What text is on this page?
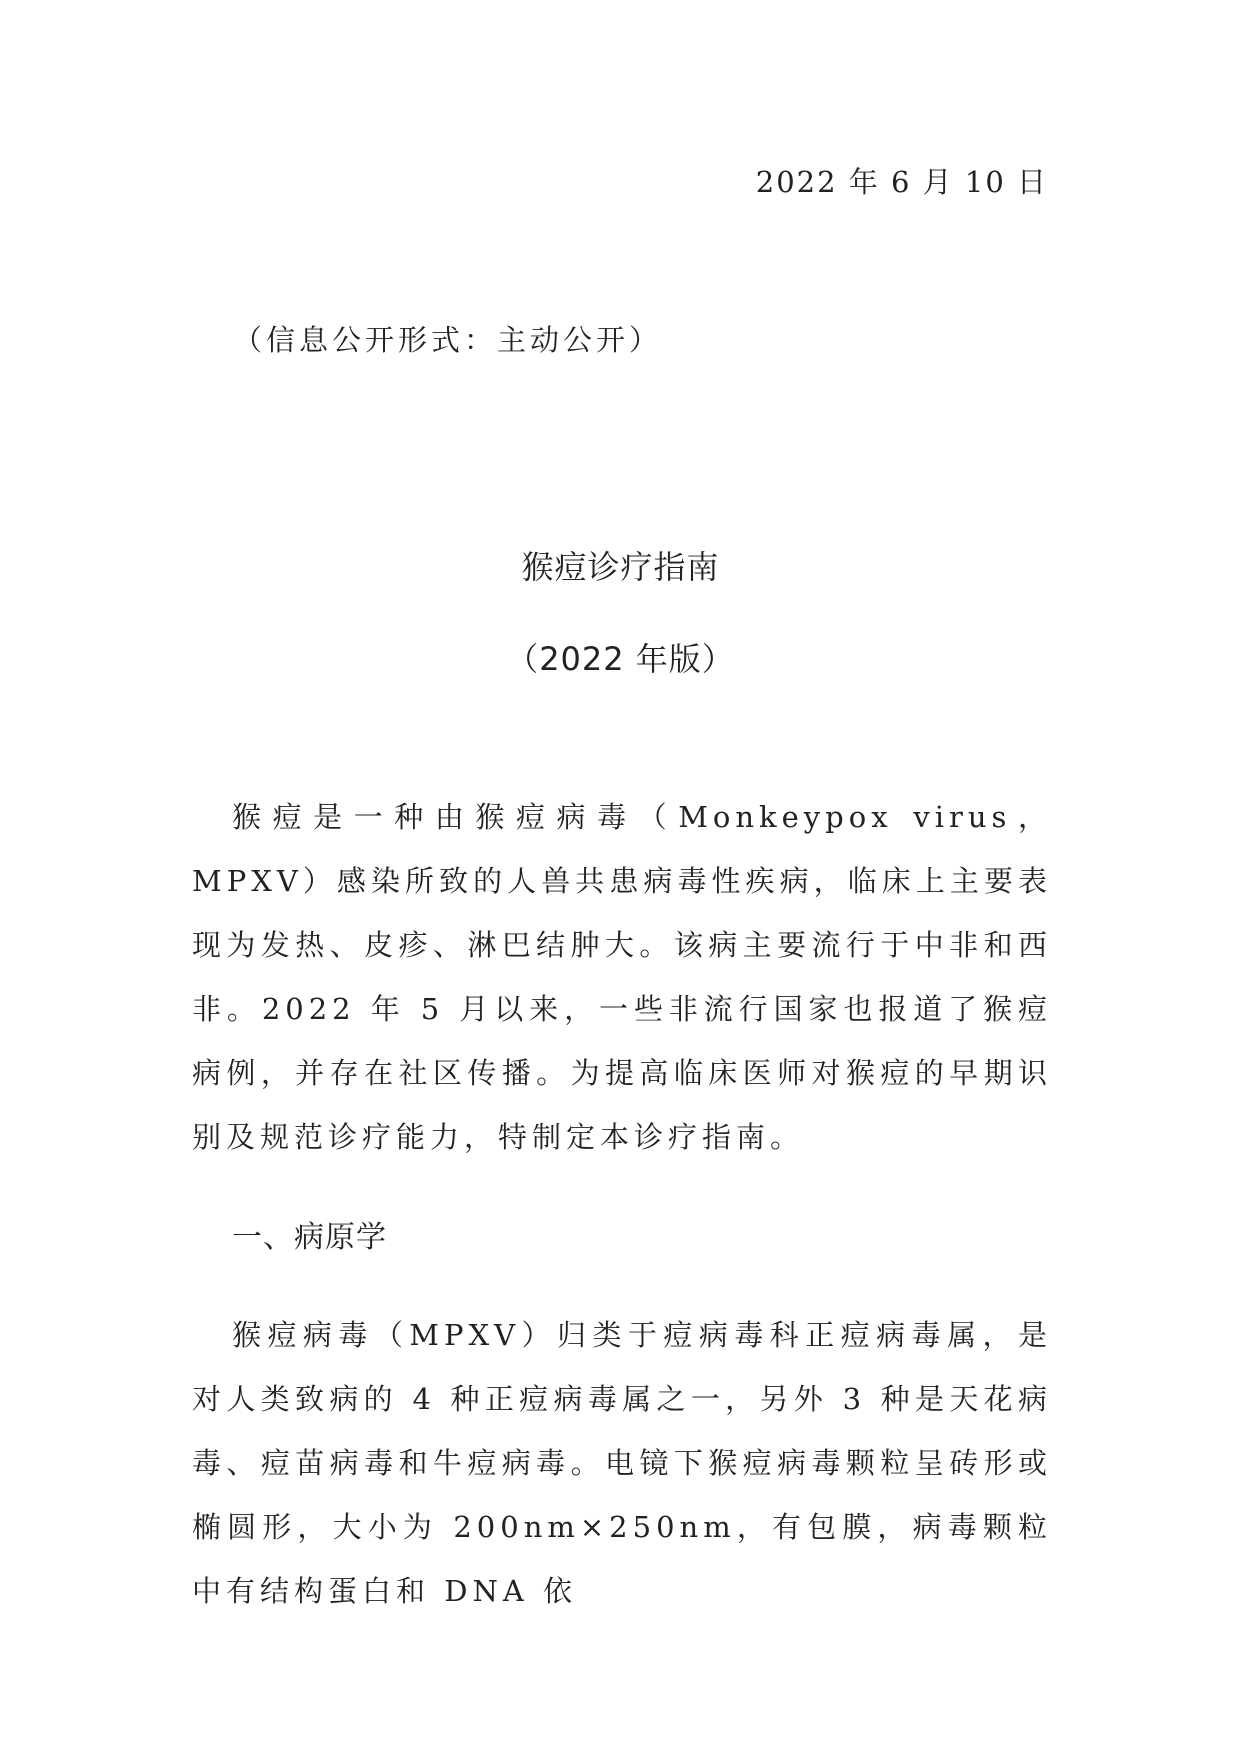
2022 年 6 月 10 日
（信息公开形式：主动公开）
猴痘诊疗指南
（2022 年版）

猴痘是一种由猴痘病毒（Monkeypox virus，MPXV）感染所致的人兽共患病毒性疾病，临床上主要表现为发热、皮疹、淋巴结肿大。该病主要流行于中非和西非。2022 年 5 月以来，一些非流行国家也报道了猴痘病例，并存在社区传播。为提高临床医师对猴痘的早期识别及规范诊疗能力，特制定本诊疗指南。

一、病原学

猴痘病毒（MPXV）归类于痘病毒科正痘病毒属，是对人类致病的 4 种正痘病毒属之一，另外 3 种是天花病毒、痘苗病毒和牛痘病毒。电镜下猴痘病毒颗粒呈砖形或椭圆形，大小为 200nm×250nm，有包膜，病毒颗粒中有结构蛋白和 DNA 依
